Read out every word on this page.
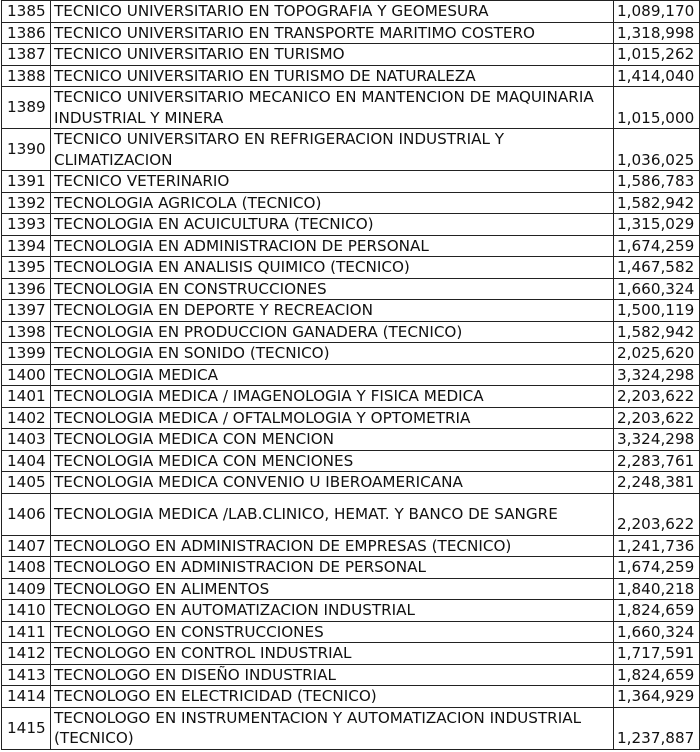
1385	TECNICO UNIVERSITARIO EN TOPOGRAFIA Y GEOMESURA	1,089,170
1386	TECNICO UNIVERSITARIO EN TRANSPORTE MARITIMO COSTERO	1,318,998
1387	TECNICO UNIVERSITARIO EN TURISMO	1,015,262
1388	TECNICO UNIVERSITARIO EN TURISMO DE NATURALEZA	1,414,040
1389	TECNICO UNIVERSITARIO MECANICO EN MANTENCION DE MAQUINARIA INDUSTRIAL Y MINERA	1,015,000
1390	TECNICO UNIVERSITARO EN REFRIGERACION INDUSTRIAL Y CLIMATIZACION	1,036,025
1391	TECNICO VETERINARIO	1,586,783
1392	TECNOLOGIA AGRICOLA (TECNICO)	1,582,942
1393	TECNOLOGIA EN ACUICULTURA (TECNICO)	1,315,029
1394	TECNOLOGIA EN ADMINISTRACION DE PERSONAL	1,674,259
1395	TECNOLOGIA EN ANALISIS QUIMICO (TECNICO)	1,467,582
1396	TECNOLOGIA EN CONSTRUCCIONES	1,660,324
1397	TECNOLOGIA EN DEPORTE Y RECREACION	1,500,119
1398	TECNOLOGIA EN PRODUCCION GANADERA (TECNICO)	1,582,942
1399	TECNOLOGIA EN SONIDO (TECNICO)	2,025,620
1400	TECNOLOGIA MEDICA	3,324,298
1401	TECNOLOGIA MEDICA / IMAGENOLOGIA Y FISICA MEDICA	2,203,622
1402	TECNOLOGIA MEDICA / OFTALMOLOGIA Y OPTOMETRIA	2,203,622
1403	TECNOLOGIA MEDICA CON MENCION	3,324,298
1404	TECNOLOGIA MEDICA CON MENCIONES	2,283,761
1405	TECNOLOGIA MEDICA CONVENIO U IBEROAMERICANA	2,248,381
1406	TECNOLOGIA MEDICA /LAB.CLINICO, HEMAT. Y BANCO DE SANGRE	2,203,622
1407	TECNOLOGO EN ADMINISTRACION DE EMPRESAS (TECNICO)	1,241,736
1408	TECNOLOGO EN ADMINISTRACION DE PERSONAL	1,674,259
1409	TECNOLOGO EN ALIMENTOS	1,840,218
1410	TECNOLOGO EN AUTOMATIZACION INDUSTRIAL	1,824,659
1411	TECNOLOGO EN CONSTRUCCIONES	1,660,324
1412	TECNOLOGO EN CONTROL INDUSTRIAL	1,717,591
1413	TECNOLOGO EN DISEÑO INDUSTRIAL	1,824,659
1414	TECNOLOGO EN ELECTRICIDAD (TECNICO)	1,364,929
1415	TECNOLOGO EN INSTRUMENTACION Y AUTOMATIZACION INDUSTRIAL (TECNICO)	1,237,887
